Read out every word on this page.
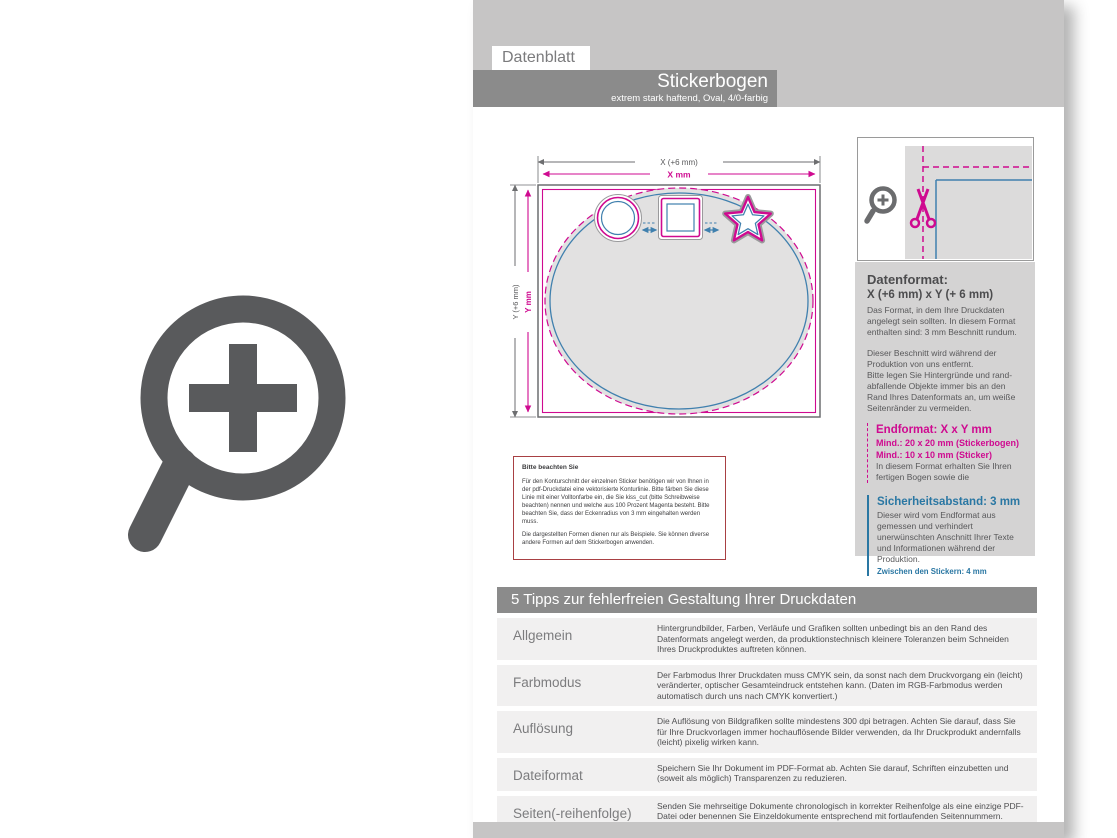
Datenblatt
Stickerbogen
extrem stark haftend, Oval, 4/0-farbig
X (+6 mm)
X mm
Y (+6 mm) Y mm

Bitte beachten Sie

Für den Konturschnitt der einzelnen Sticker benötigen wir von Ihnen in der pdf-Druckdatei eine vektorisierte Konturlinie. Bitte färben Sie diese Linie mit einer Volltonfarbe ein, die Sie kiss_cut (bitte Schreibweise beachten) nennen und welche aus 100 Prozent Magenta besteht. Bitte beachten Sie, dass der Eckenradius von 3 mm eingehalten werden muss.

Die dargestellten Formen dienen nur als Beispiele. Sie können diverse andere Formen auf dem Stickerbogen anwenden.

Datenformat:
X (+6 mm) x Y (+ 6 mm)

Das Format, in dem Ihre Druckdaten angelegt sein sollten. In diesem Format enthalten sind: 3 mm Beschnitt rundum.

Dieser Beschnitt wird während der Produktion von uns entfernt.

Bitte legen Sie Hintergründe und randabfallende Objekte immer bis an den Rand Ihres Datenformats an, um weiße Seitenränder zu vermeiden.

Endformat: X x Y mm
Mind.: 20 x 20 mm (Stickerbogen)
Mind.: 10 x 10 mm (Sticker)

In diesem Format erhalten Sie Ihren fertigen Bogen sowie die

Sicherheitsabstand: 3 mm

Dieser wird vom Endformat aus gemessen und verhindert unerwünschten Anschnitt Ihrer Texte und Informationen während der Produktion.

Zwischen den Stickern: 4 mm
5 Tipps zur fehlerfreien Gestaltung Ihrer Druckdaten
Allgemein	Hintergrundbilder, Farben, Verläufe und Grafiken sollten unbedingt bis an den Rand des Datenformats angelegt werden, da produktionstechnisch kleinere Toleranzen beim Schneiden Ihres Druckproduktes auftreten können.
Farbmodus	Der Farbmodus Ihrer Druckdaten muss CMYK sein, da sonst nach dem Druckvorgang ein (leicht) veränderter, optischer Gesamteindruck entstehen kann. (Daten im RGB-Farbmodus werden automatisch durch uns nach CMYK konvertiert.)
Auflösung	Die Auflösung von Bildgrafiken sollte mindestens 300 dpi betragen. Achten Sie darauf, dass Sie für Ihre Druckvorlagen immer hochauflösende Bilder verwenden, da Ihr Druckprodukt andernfalls (leicht) pixelig wirken kann.
Dateiformat	Speichern Sie Ihr Dokument im PDF-Format ab. Achten Sie darauf, Schriften einzubetten und (soweit als möglich) Transparenzen zu reduzieren.
Seiten(-reihenfolge)	Senden Sie mehrseitige Dokumente chronologisch in korrekter Reihenfolge als eine einzige PDF-Datei oder benennen Sie Einzeldokumente entsprechend mit fortlaufenden Seitennummern.
